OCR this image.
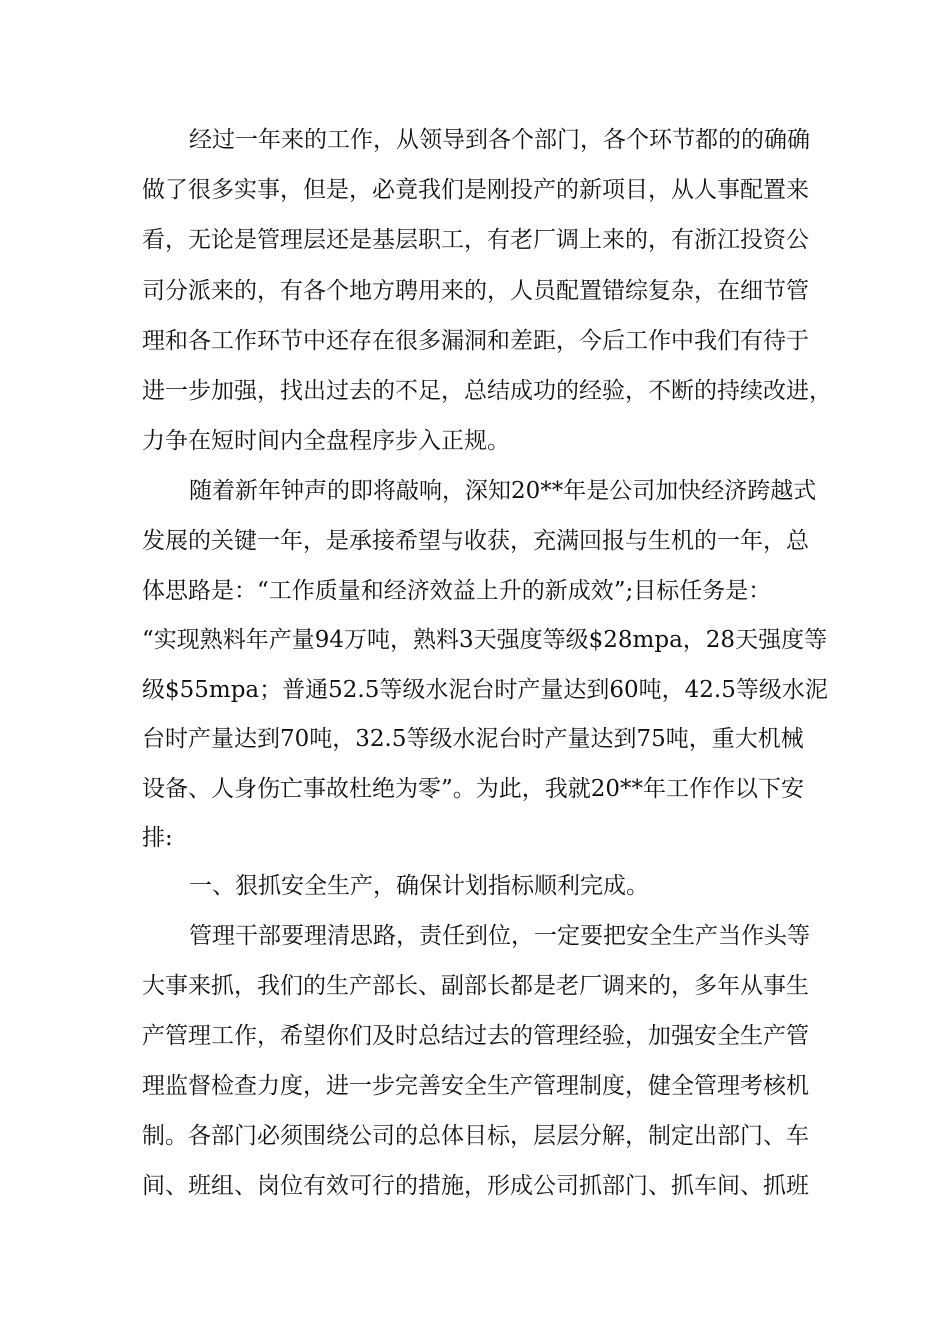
经过一年来的工作，从领导到各个部门，各个环节都的的确确
做了很多实事，但是，必竟我们是刚投产的新项目，从人事配置来
看，无论是管理层还是基层职工，有老厂调上来的，有浙江投资公
司分派来的，有各个地方聘用来的，人员配置错综复杂，在细节管
理和各工作环节中还存在很多漏洞和差距，今后工作中我们有待于
进一步加强，找出过去的不足，总结成功的经验，不断的持续改进，
力争在短时间内全盘程序步入正规。
随着新年钟声的即将敲响，深知20**年是公司加快经济跨越式
发展的关键一年，是承接希望与收获，充满回报与生机的一年，总
体思路是：“工作质量和经济效益上升的新成效”;目标任务是：
“实现熟料年产量94万吨，熟料3天强度等级$28mpa，28天强度等
级$55mpa；普通52.5等级水泥台时产量达到60吨，42.5等级水泥
台时产量达到70吨，32.5等级水泥台时产量达到75吨，重大机械
设备、人身伤亡事故杜绝为零”。为此，我就20**年工作作以下安
排:
一、狠抓安全生产，确保计划指标顺利完成。
管理干部要理清思路，责任到位，一定要把安全生产当作头等
大事来抓，我们的生产部长、副部长都是老厂调来的，多年从事生
产管理工作，希望你们及时总结过去的管理经验，加强安全生产管
理监督检查力度，进一步完善安全生产管理制度，健全管理考核机
制。各部门必须围绕公司的总体目标，层层分解，制定出部门、车
间、班组、岗位有效可行的措施，形成公司抓部门、抓车间、抓班
